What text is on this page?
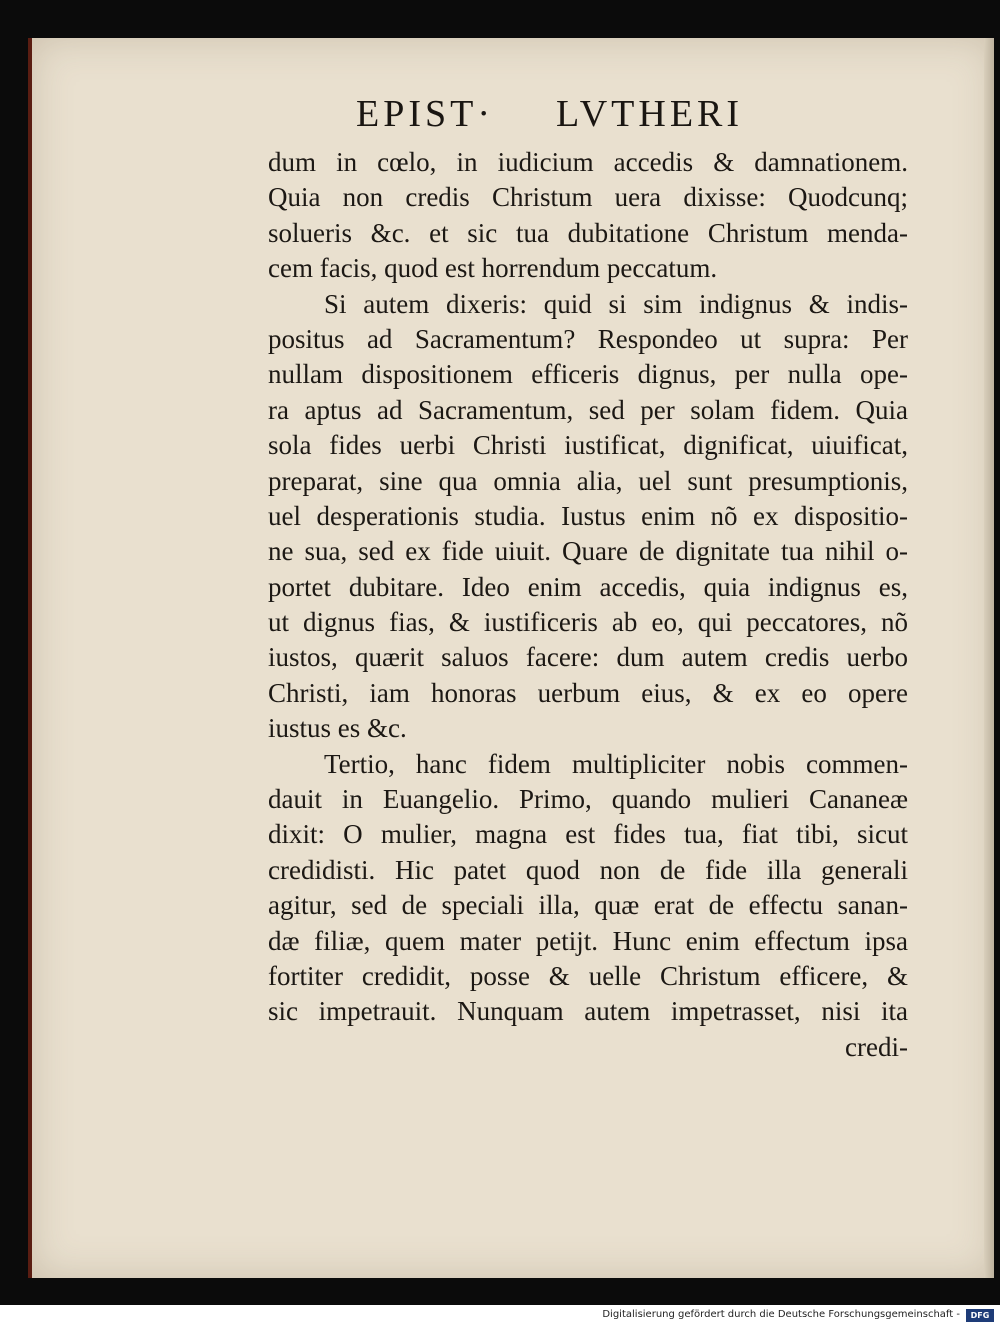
EPIST· LVTHERI
dum in cœlo, in iudicium accedis & damnationem.
Quia non credis Christum uera dixisse: Quodcunq;
solueris &c. et sic tua dubitatione Christum menda-
cem facis, quod est horrendum peccatum.
Si autem dixeris: quid si sim indignus & indis-
positus ad Sacramentum? Respondeo ut supra: Per
nullam dispositionem efficeris dignus, per nulla ope-
ra aptus ad Sacramentum, sed per solam fidem. Quia
sola fides uerbi Christi iustificat, dignificat, uiuificat,
preparat, sine qua omnia alia, uel sunt presumptionis,
uel desperationis studia. Iustus enim nõ ex dispositio-
ne sua, sed ex fide uiuit. Quare de dignitate tua nihil o-
portet dubitare. Ideo enim accedis, quia indignus es,
ut dignus fias, & iustificeris ab eo, qui peccatores, nõ
iustos, quærit saluos facere: dum autem credis uerbo
Christi, iam honoras uerbum eius, & ex eo opere
iustus es &c.
Tertio, hanc fidem multipliciter nobis commen-
dauit in Euangelio. Primo, quando mulieri Cananeæ
dixit: O mulier, magna est fides tua, fiat tibi, sicut
credidisti. Hic patet quod non de fide illa generali
agitur, sed de speciali illa, quæ erat de effectu sanan-
dæ filiæ, quem mater petijt. Hunc enim effectum ipsa
fortiter credidit, posse & uelle Christum efficere, &
sic impetrauit. Nunquam autem impetrasset, nisi ita
credi-
Digitalisierung gefördert durch die Deutsche Forschungsgemeinschaft -	DFG
